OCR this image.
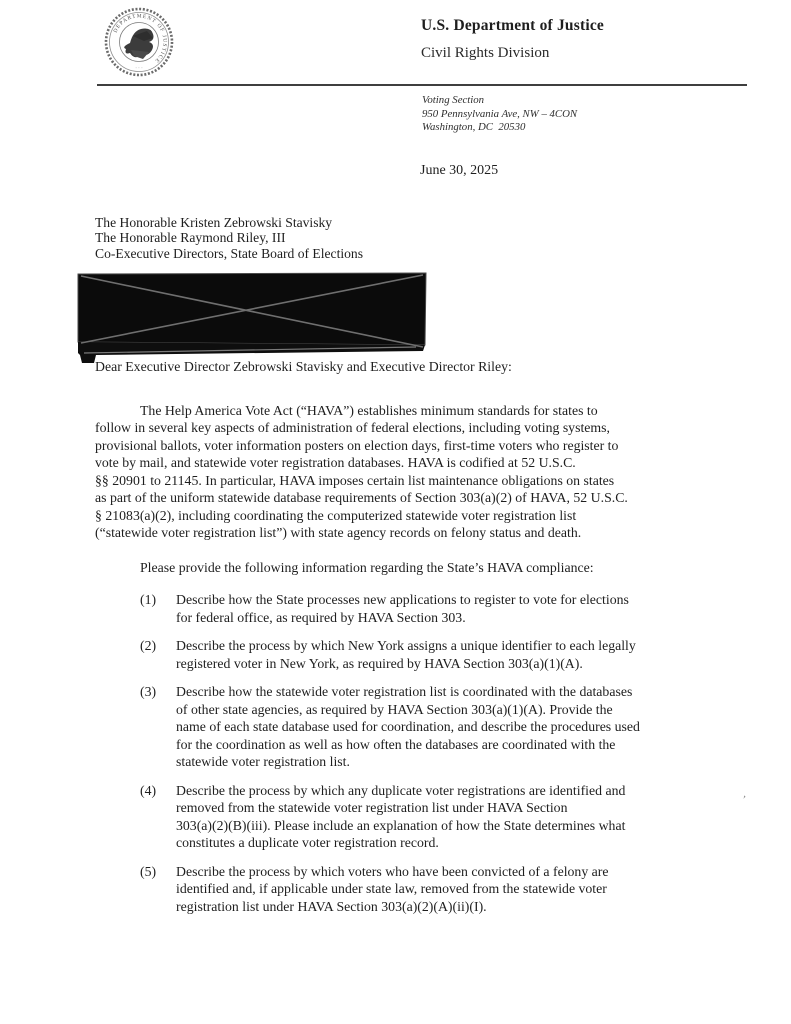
DEPARTMENT OF JUSTICE
· · ·
U.S. Department of Justice
Civil Rights Division
Voting Section
950 Pennsylvania Ave, NW – 4CON
Washington, DC  20530
June 30, 2025
The Honorable Kristen Zebrowski Stavisky
The Honorable Raymond Riley, III
Co-Executive Directors, State Board of Elections
Dear Executive Director Zebrowski Stavisky and Executive Director Riley:
The Help America Vote Act (“HAVA”) establishes minimum standards for states to
follow in several key aspects of administration of federal elections, including voting systems,
provisional ballots, voter information posters on election days, first-time voters who register to
vote by mail, and statewide voter registration databases. HAVA is codified at 52 U.S.C.
§§ 20901 to 21145. In particular, HAVA imposes certain list maintenance obligations on states
as part of the uniform statewide database requirements of Section 303(a)(2) of HAVA, 52 U.S.C.
§ 21083(a)(2), including coordinating the computerized statewide voter registration list
(“statewide voter registration list”) with state agency records on felony status and death.
Please provide the following information regarding the State’s HAVA compliance:
(1)	Describe how the State processes new applications to register to vote for elections
for federal office, as required by HAVA Section 303.
(2)	Describe the process by which New York assigns a unique identifier to each legally
registered voter in New York, as required by HAVA Section 303(a)(1)(A).
(3)	Describe how the statewide voter registration list is coordinated with the databases
of other state agencies, as required by HAVA Section 303(a)(1)(A). Provide the
name of each state database used for coordination, and describe the procedures used
for the coordination as well as how often the databases are coordinated with the
statewide voter registration list.
(4)	Describe the process by which any duplicate voter registrations are identified and
removed from the statewide voter registration list under HAVA Section
303(a)(2)(B)(iii). Please include an explanation of how the State determines what
constitutes a duplicate voter registration record.
(5)	Describe the process by which voters who have been convicted of a felony are
identified and, if applicable under state law, removed from the statewide voter
registration list under HAVA Section 303(a)(2)(A)(ii)(I).
’
